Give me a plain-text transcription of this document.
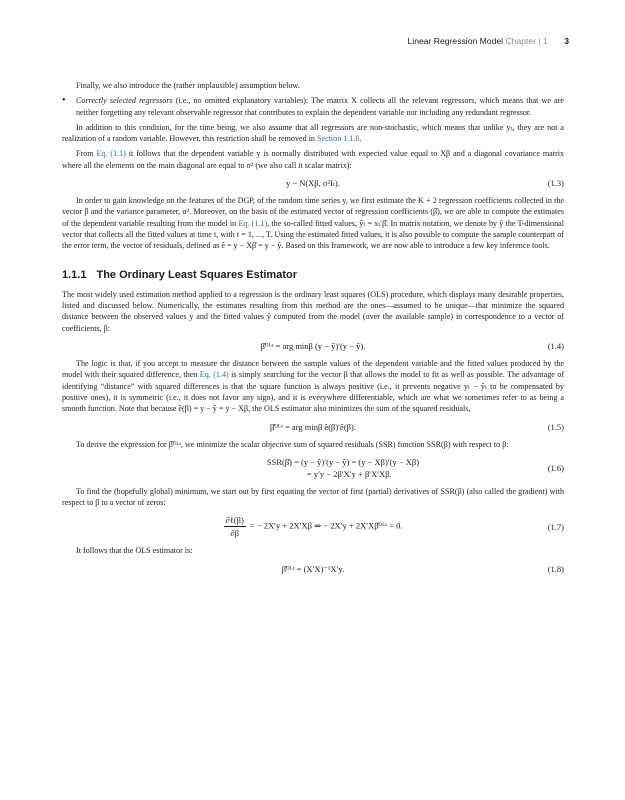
Linear Regression Model Chapter | 1 3

Finally, we also introduce the (rather implausible) assumption below.

• Correctly selected regressors (i.e., no omitted explanatory variables): The matrix X collects all the relevant regressors, which means that we are neither forgetting any relevant observable regressor that contributes to explain the dependent variable nor including any redundant regressor.

In addition to this condition, for the time being, we also assume that all regressors are non-stochastic, which means that unlike yₜ, they are not a realization of a random variable. However, this restriction shall be removed in Section 1.1.6.

From Eq. (1.1) it follows that the dependent variable y is normally distributed with expected value equal to Xβ and a diagonal covariance matrix where all the elements on the main diagonal are equal to σ² (we also call it scalar matrix):

y ~ N(Xβ, σ²Iₜ).	(1.3)

In order to gain knowledge on the features of the DGP, of the random time series y, we first estimate the K + 2 regression coefficients collected in the vector β and the variance parameter, σ². Moreover, on the basis of the estimated vector of regression coefficients (β̂), we are able to compute the estimates of the dependent variable resulting from the model in Eq. (1.1), the so-called fitted values, ŷₜ = xₜ′β̂. In matrix notation, we denote by ŷ the T-dimensional vector that collects all the fitted values at time t, with t = 1, ..., T. Using the estimated fitted values, it is also possible to compute the sample counterpart of the error term, the vector of residuals, defined as ê = y − Xβ̂ = y − ŷ. Based on this framework, we are now able to introduce a few key inference tools.

1.1.1 The Ordinary Least Squares Estimator

The most widely used estimation method applied to a regression is the ordinary least squares (OLS) procedure, which displays many desirable properties, listed and discussed below. Numerically, the estimates resulting from this method are the ones—assumed to be unique—that minimize the squared distance between the observed values y and the fitted values ŷ computed from the model (over the available sample) in correspondence to a vector of coefficients, β:

β̂ᴼᴸˢ = arg minβ (y − ŷ)′(y − ŷ).	(1.4)

The logic is that, if you accept to measure the distance between the sample values of the dependent variable and the fitted values produced by the model with their squared difference, then Eq. (1.4) is simply searching for the vector β that allows the model to fit as well as possible. The advantage of identifying “distance” with squared differences is that the square function is always positive (i.e., it prevents negative yₜ − ŷₜ to be compensated by positive ones), it is symmetric (i.e., it does not favor any sign), and it is everywhere differentiable, which are what we sometimes refer to as being a smooth function. Note that because ê(β) = y − ŷ = y − Xβ, the OLS estimator also minimizes the sum of the squared residuals,

β̂ᴼᴸˢ = arg minβ ê(β)′ê(β).	(1.5)

To derive the expression for β̂ᴼᴸˢ, we minimize the scalar objective sum of squared residuals (SSR) function SSR(β) with respect to β:

SSR(β̂) = (y − ŷ)′(y − ŷ) = (y − Xβ)′(y − Xβ)
= y′y − 2β′X′y + β′X′Xβ.
(1.6)

To find the (hopefully global) minimum, we start out by first equating the vector of first (partial) derivatives of SSR(β) (also called the gradient) with respect to β to a vector of zeros:

$\frac{\text{∂ℓ(β)}}{\partial\beta}$ = − 2X′y + 2X′Xβ ⇒ − 2X′y + 2X′Xβ̂ᴼᴸˢ = 0.	(1.7)

It follows that the OLS estimator is:

β̂ᴼᴸˢ = (X′X)⁻¹X′y.	(1.8)
